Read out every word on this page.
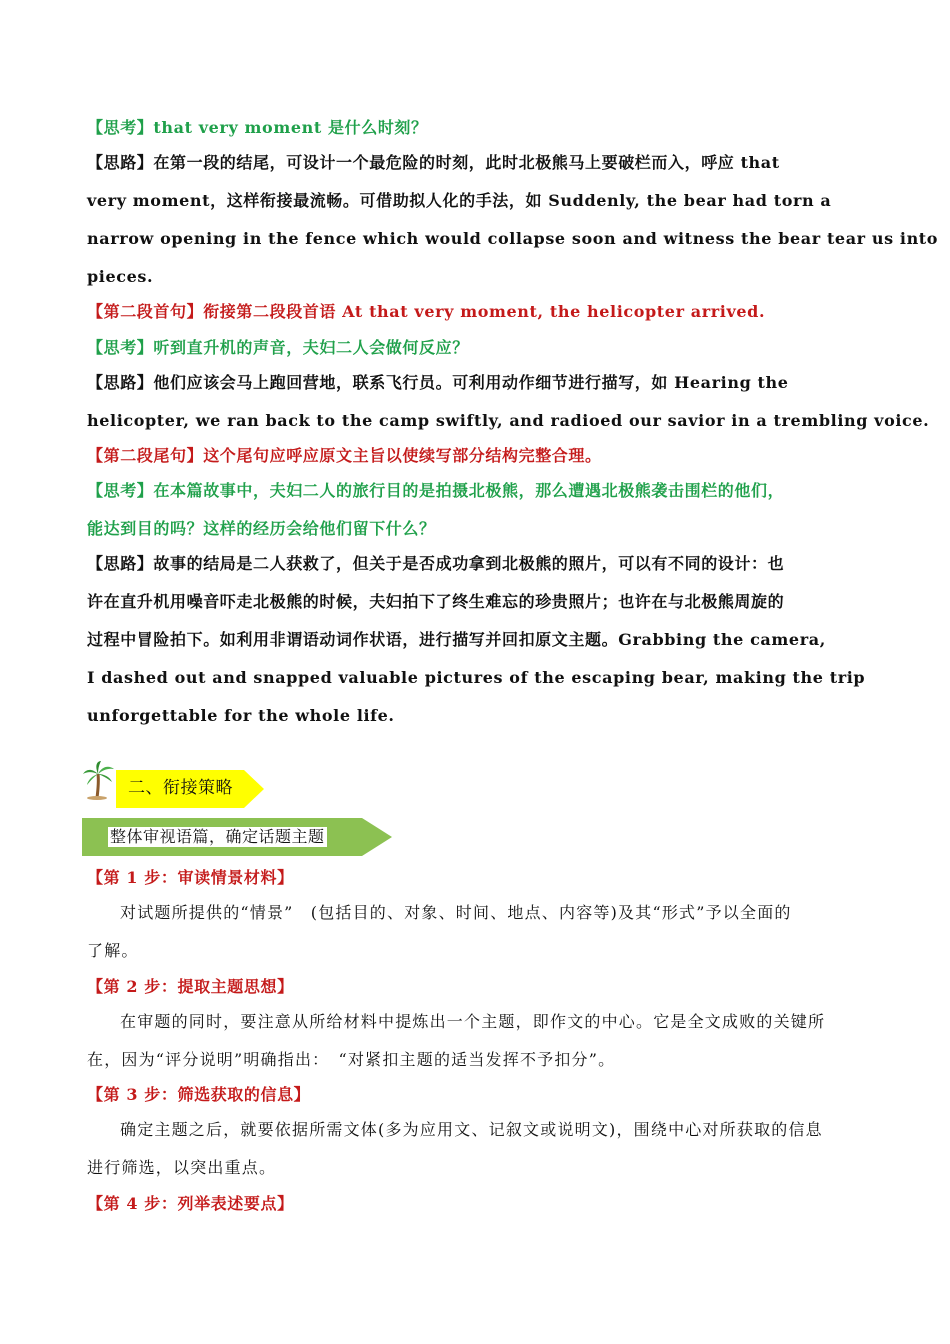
【思考】that very moment 是什么时刻？
【思路】在第一段的结尾，可设计一个最危险的时刻，此时北极熊马上要破栏而入，呼应 that
very moment，这样衔接最流畅。可借助拟人化的手法，如 Suddenly, the bear had torn a
narrow opening in the fence which would collapse soon and witness the bear tear us into
pieces.
【第二段首句】衔接第二段段首语 At that very moment, the helicopter arrived.
【思考】听到直升机的声音，夫妇二人会做何反应？
【思路】他们应该会马上跑回营地，联系飞行员。可利用动作细节进行描写，如 Hearing the
helicopter, we ran back to the camp swiftly, and radioed our savior in a trembling voice.
【第二段尾句】这个尾句应呼应原文主旨以使续写部分结构完整合理。
【思考】在本篇故事中，夫妇二人的旅行目的是拍摄北极熊，那么遭遇北极熊袭击围栏的他们，
能达到目的吗？这样的经历会给他们留下什么？
【思路】故事的结局是二人获救了，但关于是否成功拿到北极熊的照片，可以有不同的设计：也
许在直升机用噪音吓走北极熊的时候，夫妇拍下了终生难忘的珍贵照片；也许在与北极熊周旋的
过程中冒险拍下。如利用非谓语动词作状语，进行描写并回扣原文主题。Grabbing the camera,
I dashed out and snapped valuable pictures of the escaping bear, making the trip
unforgettable for the whole life.
二、衔接策略
整体审视语篇，确定话题主题
【第 1 步：审读情景材料】
对试题所提供的“情景”　(包括目的、对象、时间、地点、内容等)及其“形式”予以全面的
了解。
【第 2 步：提取主题思想】
在审题的同时，要注意从所给材料中提炼出一个主题，即作文的中心。它是全文成败的关键所
在，因为“评分说明”明确指出：　“对紧扣主题的适当发挥不予扣分”。
【第 3 步：筛选获取的信息】
确定主题之后，就要依据所需文体(多为应用文、记叙文或说明文)，围绕中心对所获取的信息
进行筛选，以突出重点。
【第 4 步：列举表述要点】
